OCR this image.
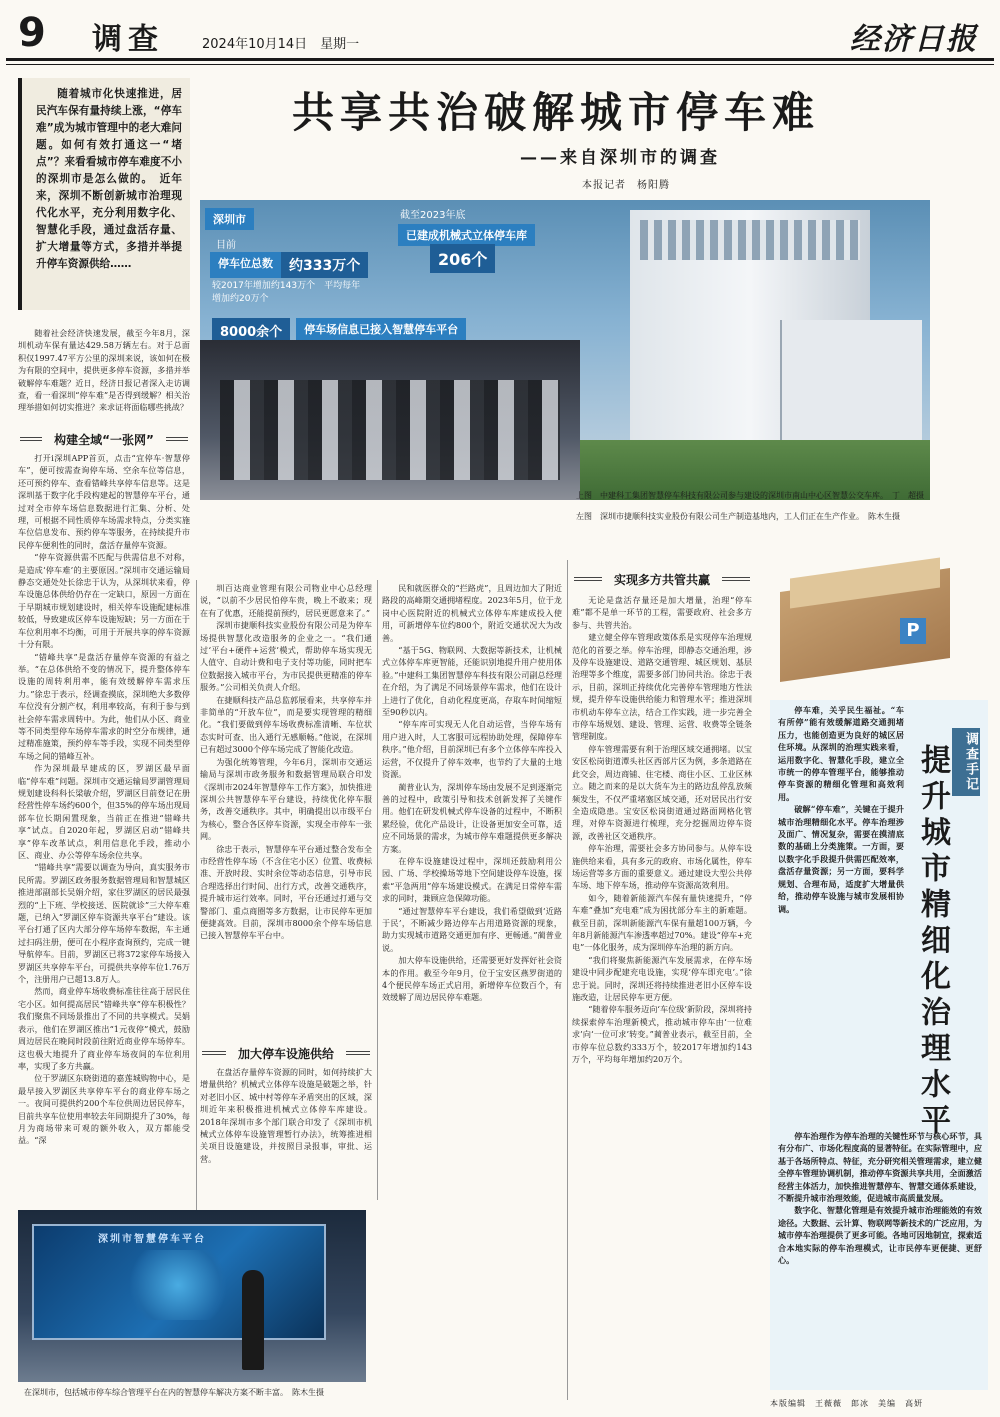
9 调查	2024年10月14日　星期一	经济日报
共享共治破解城市停车难
——来自深圳市的调查
本报记者　杨阳腾
随着城市化快速推进，居民汽车保有量持续上涨，“停车难”成为城市管理中的老大难问题。如何有效打通这一“堵点”？来看看城市停车难度不小的深圳市是怎么做的。　近年来，深圳不断创新城市治理现代化水平，充分利用数字化、智慧化手段，通过盘活存量、扩大增量等方式，多措并举提升停车资源供给……
深圳市
目前
停车位总数	约333万个
较2017年增加约143万个　平均每年增加约20万个
截至2023年底
已建成机械式立体停车库
206个
8000余个	停车场信息已接入智慧停车平台
上图　中建科工集团智慧停车科技有限公司参与建设的深圳市南山中心区智慧公交车库。　丁　超摄
左图　深圳市捷顺科技实业股份有限公司生产制造基地内，工人们正在生产作业。　陈木生摄
P

随着社会经济快速发展，截至今年8月，深圳机动车保有量达429.58万辆左右。对于总面积仅1997.47平方公里的深圳来说，该如何在极为有限的空间中，提供更多停车资源，多措并举破解停车难题？近日，经济日报记者深入走访调查，看一看深圳“停车难”是否得到缓解？相关治理举措如何切实推进？来求证将面临哪些挑战？

构建全域“一张网”

打开i深圳APP首页，点击“宜停车·智慧停车”，便可按需查询停车场、空余车位等信息，还可预约停车、查看错峰共享停车信息等。这是深圳基于数字化手段构建起的智慧停车平台，通过对全市停车场信息数据进行汇集、分析、处理，可根据不同性质停车场需求特点，分类实施车位信息发布、预约停车等服务，在持续提升市民停车便利性的同时，盘活存量停车资源。

“停车资源供需不匹配与供需信息不对称，是造成‘停车难’的主要原因。”深圳市交通运输局静态交通处处长徐忠于认为，从深圳状来看，停车设施总体供给仍存在一定缺口，原因一方面在于早期城市规划建设时，相关停车设施配建标准较低，导致建成区停车设施短缺；另一方面在于车位利用率不均衡，可用于开展共享的停车资源十分有限。

“错峰共享”是盘活存量停车资源的有益之举。“在总体供给不变的情况下，提升整体停车设施的周转利用率，能有效缓解停车需求压力。”徐忠于表示，经调查摸底，深圳绝大多数停车位没有分割产权，利用率较高，有利于参与到社会停车需求周转中。为此，他们从小区、商业等不同类型停车场停车需求的时空分布规律，通过精准施策，预约停车等手段，实现不同类型停车场之间的错峰互补。

作为深圳最早建成的区，罗湖区最早面临“停车难”问题。深圳市交通运输局罗湖管理局规划建设科科长梁敏介绍，罗湖区目前登记在册经营性停车场约600个，但35%的停车场出现局部车位长期闲置现象，当前正在推进“错峰共享”试点。自2020年起，罗湖区启动“错峰共享”停车改革试点，利用信息化手段，推动小区、商业、办公等停车场余位共享。

“错峰共享”需要以调查为导向，真实服务市民所需。罗湖区政务服务数据管理局和智慧城区推进部副部长吴娟介绍，家住罗湖区的居民最强烈的“上下班、学校接送、医院就诊”三大停车难题，已纳入“罗湖区停车资源共享平台”建设。该平台打通了区内大部分停车场停车数据，车主通过扫码注册，便可在小程序查询预约，完成一键导航停车。目前，罗湖区已将372家停车场接入罗湖区共享停车平台，可提供共享停车位1.76万个，注册用户已超13.8万人。

然而，商业停车场收费标准往往高于居民住宅小区。如何提高居民“错峰共享”停车积极性？我们聚焦不同场景推出了不同的共享模式。吴娟表示，他们在罗湖区推出“1元夜停”模式，鼓励周边居民在晚间时段前往附近商业停车场停车。这也极大地提升了商业停车场夜间的车位利用率，实现了多方共赢。

位于罗湖区东晓街道的嘉莲城购物中心，是最早接入罗湖区共享停车平台的商业停车场之一。夜间可提供约200个车位供周边居民停车，目前共享车位使用率较去年同期提升了30%，每月为商场带来可观的额外收入，双方都能受益。“深

圳百达商业管理有限公司物业中心总经理说，“以前不少居民怕停车贵，晚上不敢来；现在有了优惠，还能提前预约，居民更愿意来了。”

深圳市捷顺科技实业股份有限公司是为停车场提供智慧化改造服务的企业之一。“我们通过‘平台+硬件+运营’模式，帮助停车场实现无人值守、自动计费和电子支付等功能，同时把车位数据接入城市平台，为市民提供更精准的停车服务。”公司相关负责人介绍。

在捷顺科技产品总监郭展看来，共享停车并非简单的“开放车位”，而是要实现管理的精细化。“我们要做到停车场收费标准清晰、车位状态实时可查、出入通行无感顺畅。”他说，在深圳已有超过3000个停车场完成了智能化改造。

为强化统筹管理，今年6月，深圳市交通运输局与深圳市政务服务和数据管理局联合印发《深圳市2024年智慧停车工作方案》，加快推进深圳公共智慧停车平台建设，持续优化停车服务，改善交通秩序。其中，明确提出以市级平台为核心，整合各区停车资源，实现全市停车一张网。

徐忠于表示，智慧停车平台通过整合发布全市经营性停车场（不含住宅小区）位置、收费标准、开放时段、实时余位等动态信息，引导市民合理选择出行时间、出行方式，改善交通秩序，提升城市运行效率。同时，平台还通过打通与交警部门、重点商圈等多方数据，让市民停车更加便捷高效。目前，深圳市8000余个停车场信息已接入智慧停车平台中。

加大停车设施供给

在盘活存量停车资源的同时，如何持续扩大增量供给？机械式立体停车设施是破题之举，针对老旧小区、城中村等停车矛盾突出的区域，深圳近年来积极推进机械式立体停车库建设。2018年深圳市多个部门联合印发了《深圳市机械式立体停车设施管理暂行办法》，统筹推进相关项目设施建设，并按照目录报事，审批、运营。

民和就医群众的“拦路虎”，且周边加大了附近路段的高峰期交通拥堵程度。2023年5月，位于龙岗中心医院附近的机械式立体停车库建成投入使用，可新增停车位约800个，附近交通状况大为改善。

“基于5G、物联网、大数据等新技术，让机械式立体停车库更智能，还能识别地提升用户使用体验。”中建科工集团智慧停车科技有限公司副总经理在介绍，为了满足不同场景停车需求，他们在设计上进行了优化，自动化程度更高，存取车时间缩短至90秒以内。

“停车库可实现无人化自动运营，当停车场有用户进入时，人工客服可远程协助处理，保障停车秩序。”他介绍，目前深圳已有多个立体停车库投入运营，不仅提升了停车效率，也节约了大量的土地资源。

蔺普业认为，深圳停车场由发展不足到逐渐完善的过程中，政策引导和技术创新发挥了关键作用。他们在研发机械式停车设备的过程中，不断积累经验，优化产品设计，让设备更加安全可靠，适应不同场景的需求，为城市停车难题提供更多解决方案。

在停车设施建设过程中，深圳还鼓励利用公园、广场、学校操场等地下空间建设停车设施，探索“平急两用”停车场建设模式。在满足日常停车需求的同时，兼顾应急保障功能。

“通过智慧停车平台建设，我们希望做到‘近路于民’，不断减少路边停车占用道路资源的现象，助力实现城市道路交通更加有序、更畅通。”蔺普业说。

加大停车设施供给，还需要更好发挥好社会资本的作用。截至今年9月，位于宝安区燕罗街道的4个便民停车场正式启用，新增停车位数百个，有效缓解了周边居民停车难题。

实现多方共管共赢

无论是盘活存量还是加大增量，治理“停车难”都不是单一环节的工程，需要政府、社会多方参与、共管共治。

建立健全停车管理政策体系是实现停车治理规范化的首要之举。停车治理，即静态交通治理，涉及停车设施建设、道路交通管理、城区规划、基层治理等多个维度，需要多部门协同共治。徐忠于表示，目前，深圳正持续优化完善停车管理地方性法规，提升停车设施供给能力和管理水平；推进深圳市机动车停车立法，结合工作实践，进一步完善全市停车场规划、建设、管理、运营、收费等全链条管理制度。

停车管理需要有利于治理区域交通拥堵。以宝安区松岗街道潭头社区西部片区为例，多条道路在此交会，周边商铺、住宅楼、商住小区、工业区林立。随之而来的是以大货车为主的路边乱停乱放频频发生，不仅严重堵塞区域交通，还对居民出行安全造成隐患。宝安区松岗街道通过路面网格化管理，对停车资源进行梳理，充分挖掘周边停车资源，改善社区交通秩序。

停车治理，需要社会多方协同参与。从停车设施供给来看，具有多元的政府、市场化属性，停车场运营等多方面的重要意义。通过建设大型公共停车场、地下停车场，推动停车资源高效利用。

如今，随着新能源汽车保有量快速提升，“停车难”叠加“充电难”成为困扰部分车主的新难题。截至目前，深圳新能源汽车保有量超100万辆，今年8月新能源汽车渗透率超过70%。建设“停车+充电”一体化服务，成为深圳停车治理的新方向。

“我们将聚焦新能源汽车发展需求，在停车场建设中同步配建充电设施，实现‘停车即充电’。”徐忠于说。同时，深圳还将持续推进老旧小区停车设施改造，让居民停车更方便。

“随着停车服务迈向‘车位级’新阶段，深圳将持续探索停车治理新模式，推动城市停车由‘一位难求’向‘一位可求’转变。”蔺普业表示，截至目前，全市停车位总数约333万个，较2017年增加约143万个，平均每年增加约20万个。

深圳市智慧停车平台
在深圳市，包括城市停车综合管理平台在内的智慧停车解决方案不断丰富。　陈木生摄
调查手记
提升城市精细化治理水平

停车难，关乎民生福祉。“车有所停”能有效缓解道路交通拥堵压力，也能创造更为良好的城区居住环境。从深圳的治理实践来看，运用数字化、智慧化手段，建立全市统一的停车管理平台，能够推动停车资源的精细化管理和高效利用。

破解“停车难”，关键在于提升城市治理精细化水平。停车治理涉及面广、情况复杂，需要在摸清底数的基础上分类施策。一方面，要以数字化手段提升供需匹配效率，盘活存量资源；另一方面，要科学规划、合理布局，适度扩大增量供给，推动停车设施与城市发展相协调。

停车治理作为停车治理的关键性环节与核心环节，具有分布广、市场化程度高的显著特征。在实际管理中，应基于各场所特点、特征，充分研究相关管理需求，建立健全停车管理协调机制，推动停车资源共享共用，全面激活经营主体活力，加快推进智慧停车、智慧交通体系建设，不断提升城市治理效能，促进城市高质量发展。

数字化、智慧化管理是有效提升城市治理能效的有效途径。大数据、云计算、物联网等新技术的广泛应用，为城市停车治理提供了更多可能。各地可因地制宜，探索适合本地实际的停车治理模式，让市民停车更便捷、更舒心。

本版编辑　王薇薇　郎冰　美编　高妍
